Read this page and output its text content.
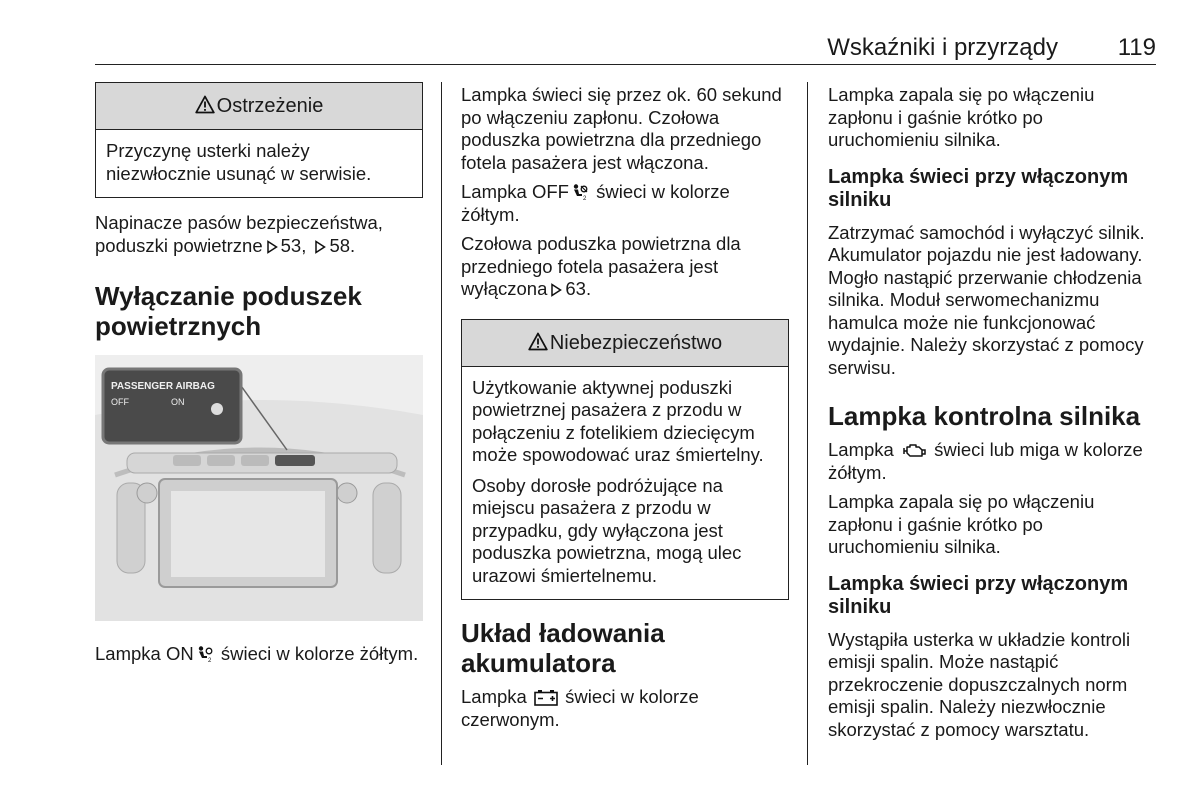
Wskaźniki i przyrządy 119
Ostrzeżenie

Przyczynę usterki należy niezwłocznie usunąć w serwisie.

Napinacze pasów bezpieczeństwa, poduszki powietrzne 53, 58.

Wyłączanie poduszek powietrznych
PASSENGER AIRBAG
OFF	ON

Lampka ON 2 świeci w kolorze żółtym.

Lampka świeci się przez ok. 60 sekund po włączeniu zapłonu. Czołowa poduszka powietrzna dla przedniego fotela pasażera jest włączona.

Lampka OFF 2 świeci w kolorze żółtym.

Czołowa poduszka powietrzna dla przedniego fotela pasażera jest wyłączona 63.

Niebezpieczeństwo

Użytkowanie aktywnej poduszki powietrznej pasażera z przodu w połączeniu z fotelikiem dziecięcym może spowodować uraz śmiertelny.

Osoby dorosłe podróżujące na miejscu pasażera z przodu w przypadku, gdy wyłączona jest poduszka powietrzna, mogą ulec urazowi śmiertelnemu.

Układ ładowania akumulatora

Lampka świeci w kolorze czerwonym.

Lampka zapala się po włączeniu zapłonu i gaśnie krótko po uruchomieniu silnika.

Lampka świeci przy włączonym silniku

Zatrzymać samochód i wyłączyć silnik. Akumulator pojazdu nie jest ładowany. Mogło nastąpić przerwanie chłodzenia silnika. Moduł serwomechanizmu hamulca może nie funkcjonować wydajnie. Należy skorzystać z pomocy serwisu.

Lampka kontrolna silnika

Lampka świeci lub miga w kolorze żółtym.

Lampka zapala się po włączeniu zapłonu i gaśnie krótko po uruchomieniu silnika.

Lampka świeci przy włączonym silniku

Wystąpiła usterka w układzie kontroli emisji spalin. Może nastąpić przekroczenie dopuszczalnych norm emisji spalin. Należy niezwłocznie skorzystać z pomocy warsztatu.
